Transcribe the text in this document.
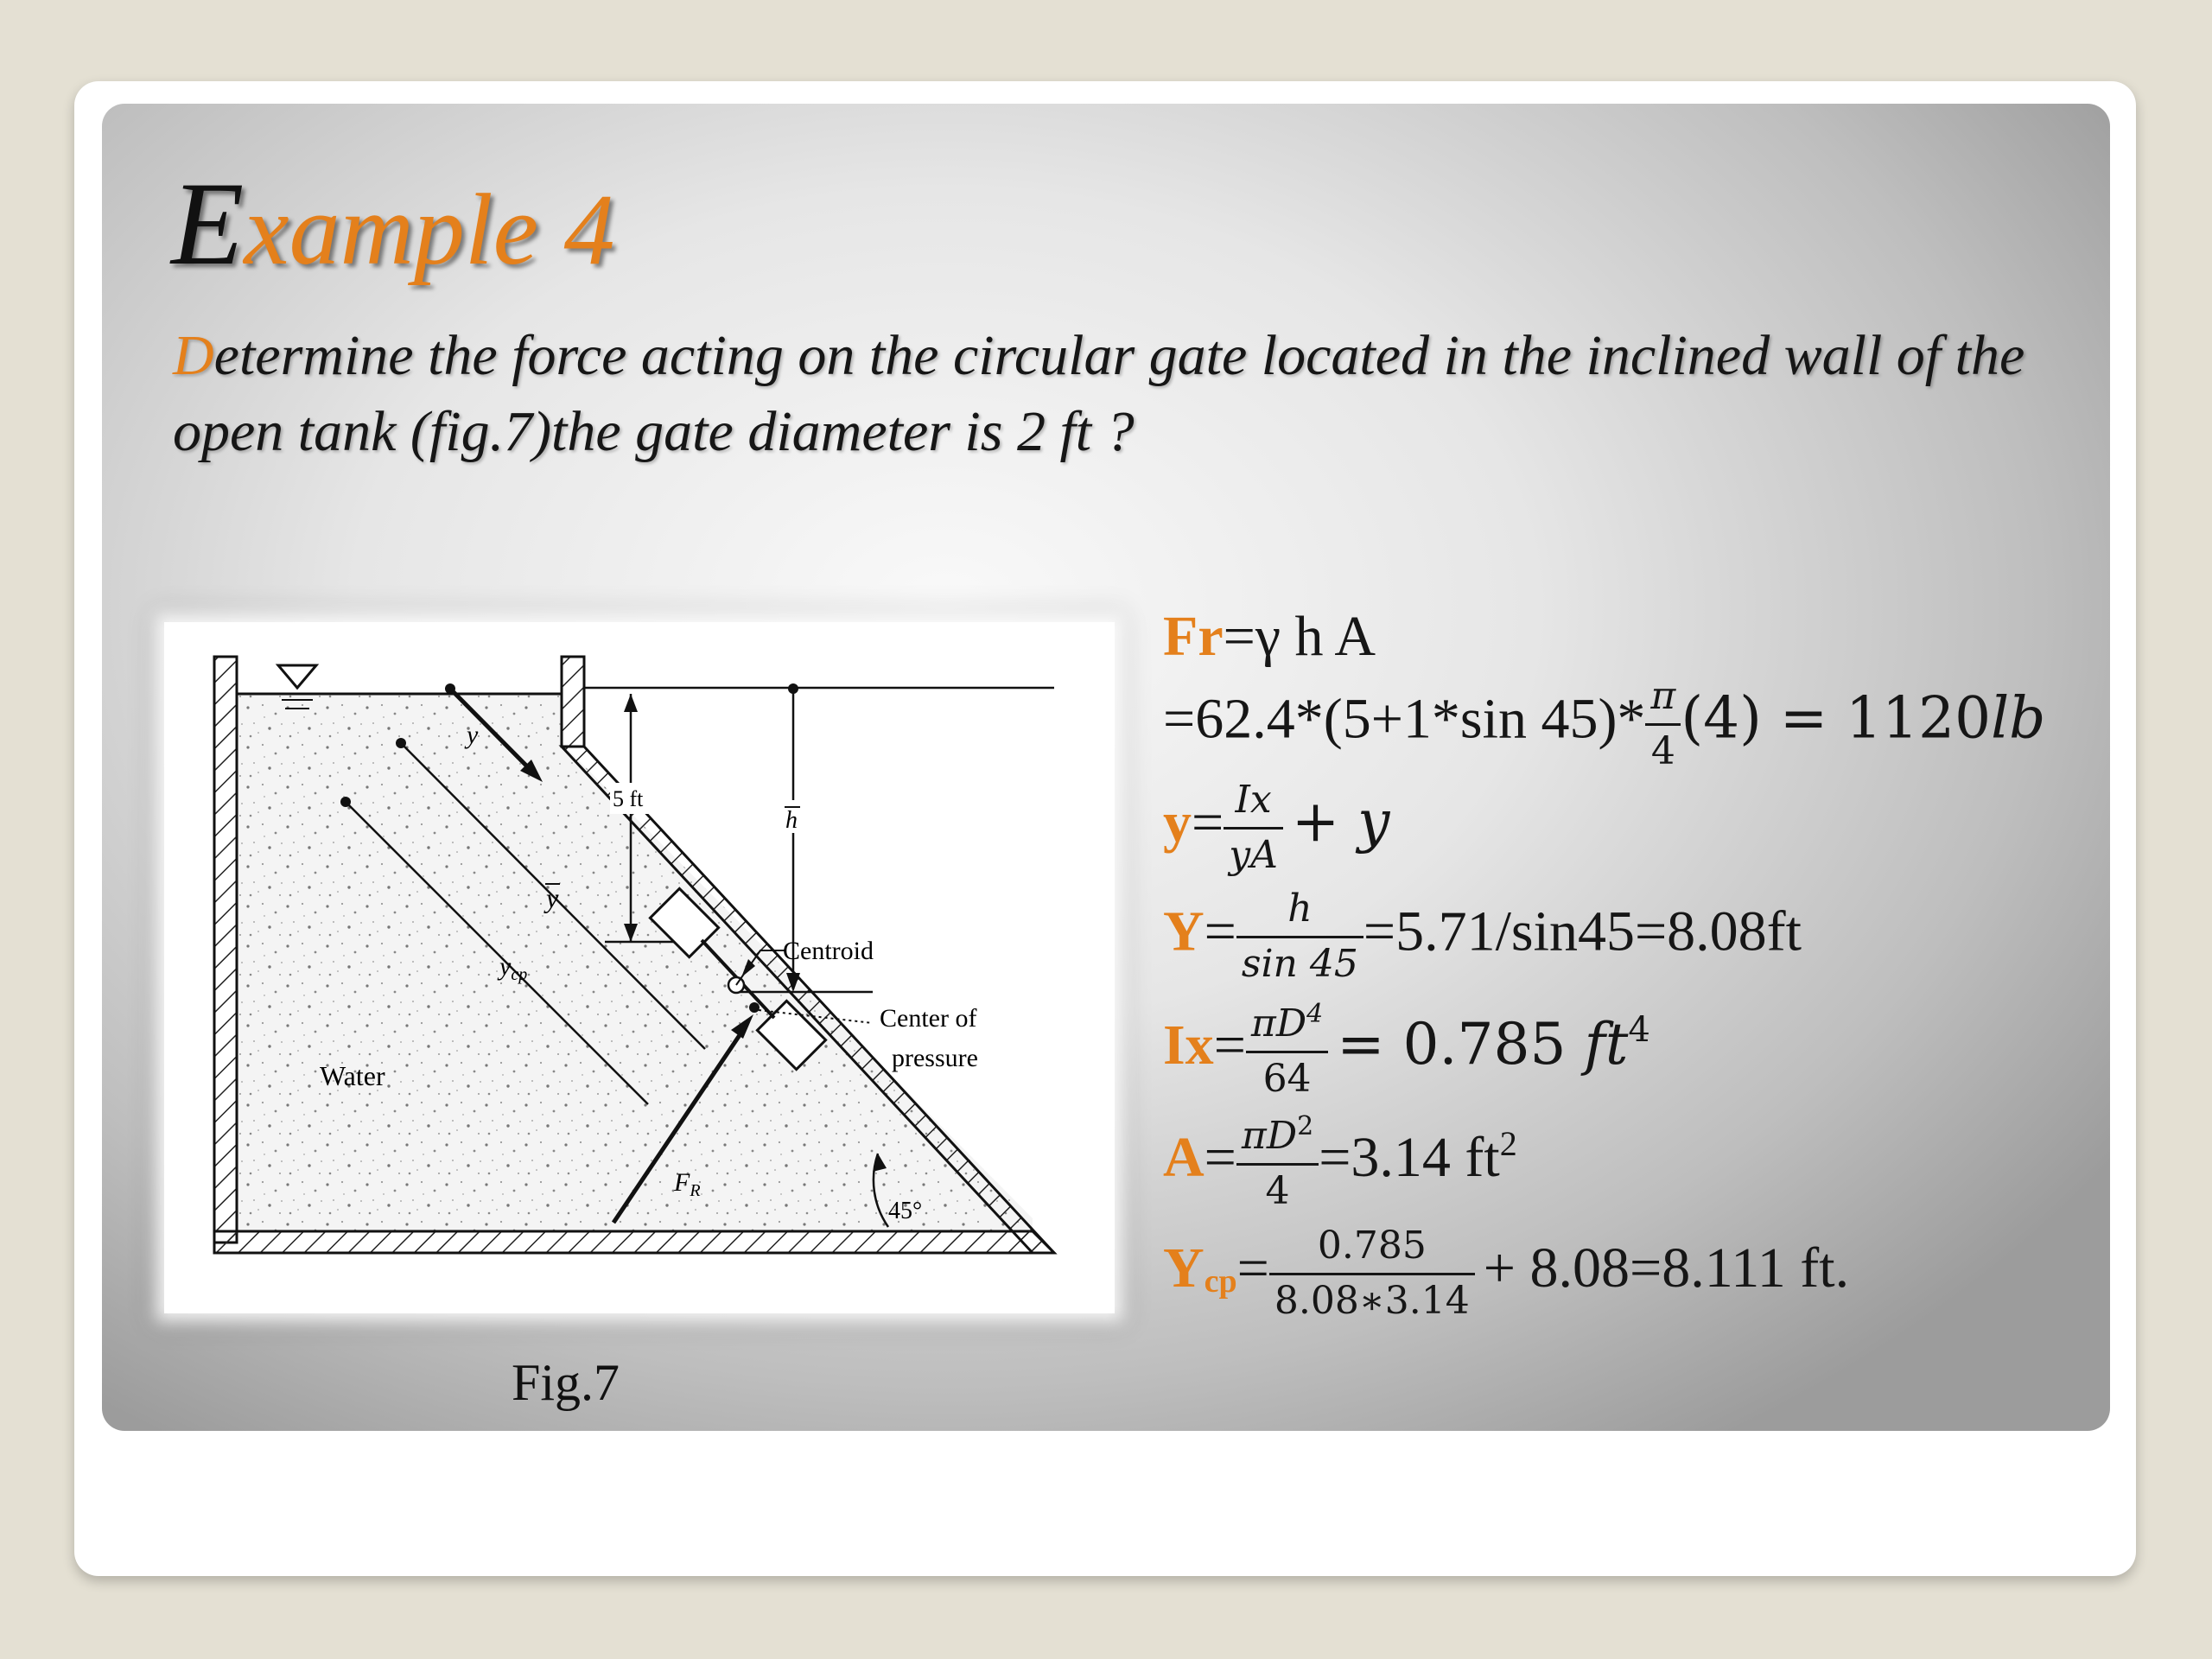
Example 4

Determine the force acting on the circular gate located in the inclined wall of the open tank (fig.7)the gate diameter is 2 ft ?

y
y
$y_{cp}$
5 ft
h
Centroid
Center of
pressure
$F_R$
Water
45°
Fig.7
Fr=γ h A
=62.4*(5+1*sin $45)* \frac{\pi}{4} (4) = 1120lb$
$y= \frac{Ix}{yA} + y$
$Y= \frac{h}{\sin 45} =5.71/\sin 45=8.08ft$
$Ix= \frac{\pi D^4}{64} = 0.785$ $ft^4$
$A= \frac{\pi D^2}{4} =3.14$ $ft^2$
$Y_{cp}= \frac{0.785}{8.08∗3.14} + 8.08=8.111$ ft.
